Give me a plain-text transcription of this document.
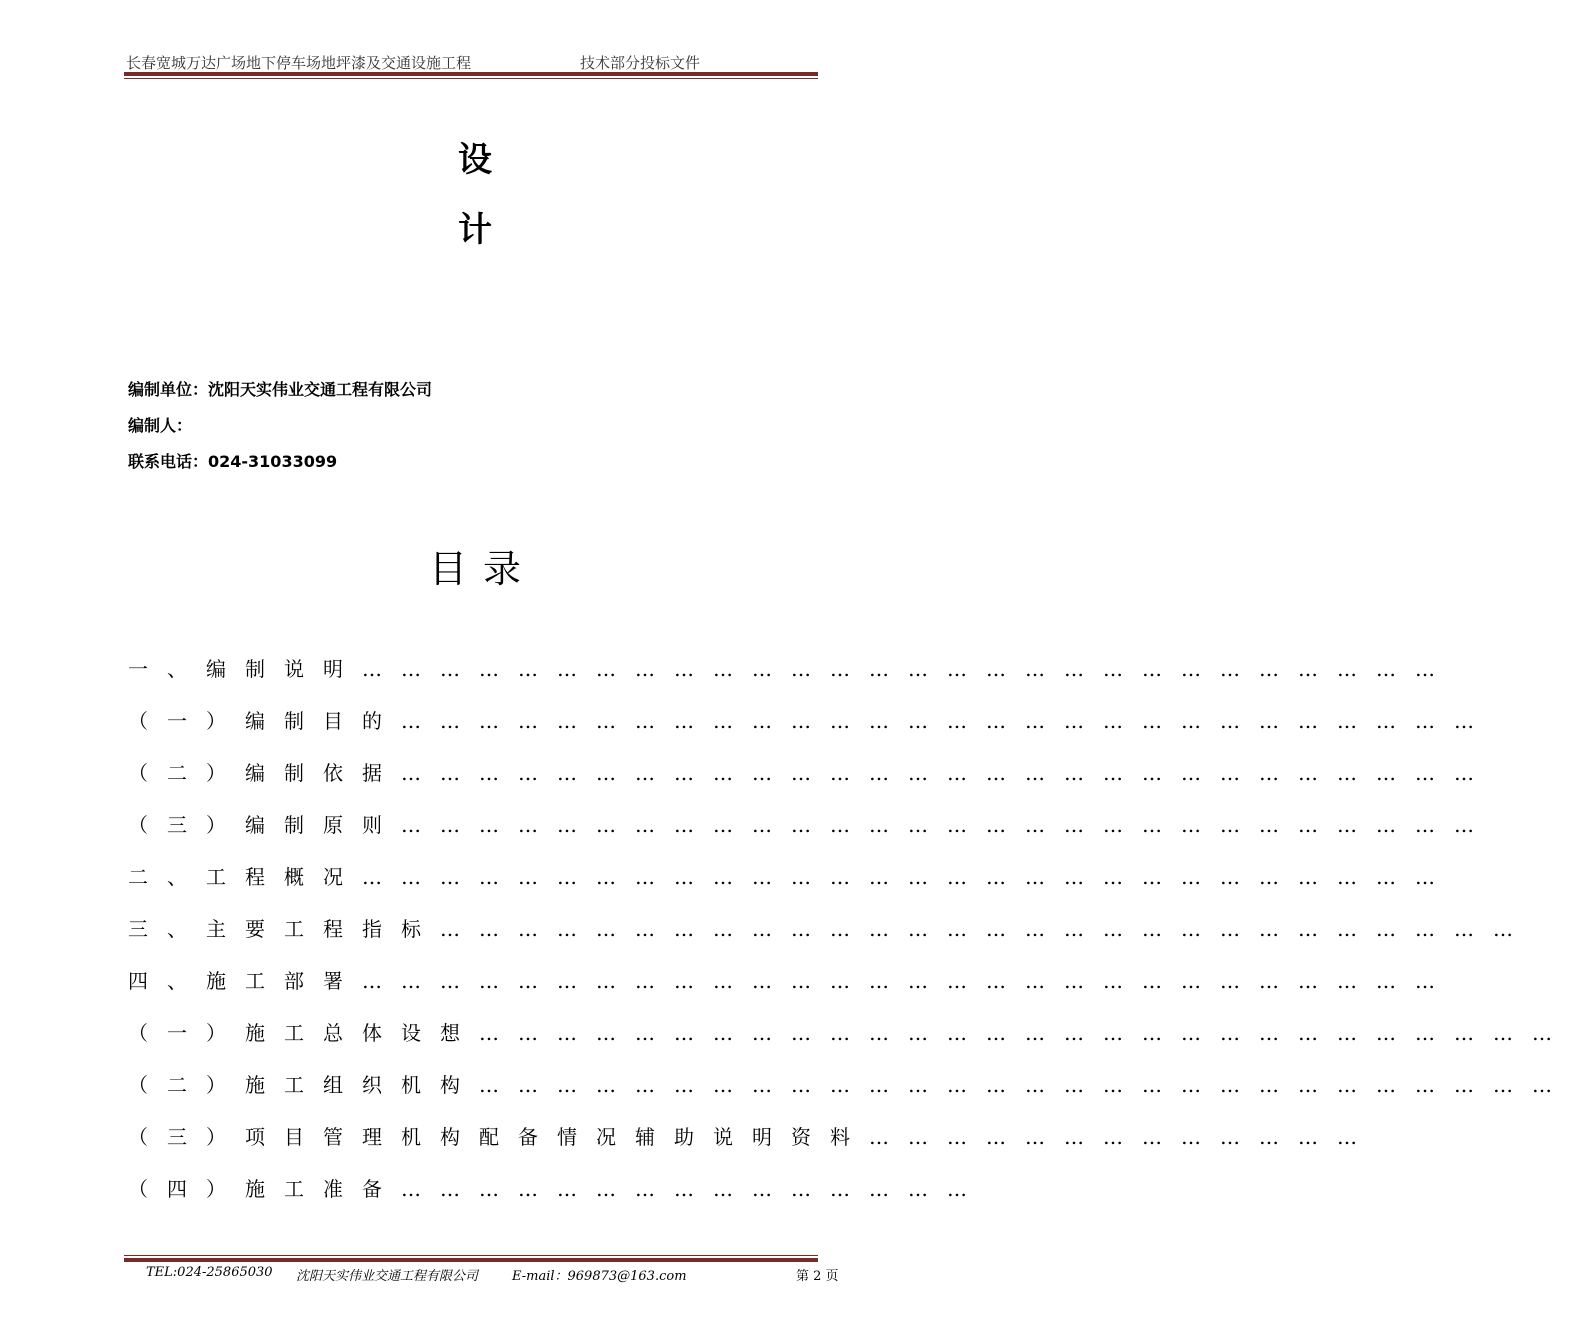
长春宽城万达广场地下停车场地坪漆及交通设施工程	技术部分投标文件
设
计
编制单位：沈阳天实伟业交通工程有限公司
编制人：
联系电话：024-31033099
目录
一、编制说明…………………………………………………………………………
（一）编制目的…………………………………………………………………………
（二）编制依据…………………………………………………………………………
（三）编制原则…………………………………………………………………………
二、工程概况…………………………………………………………………………
三、主要工程指标…………………………………………………………………………
四、施工部署…………………………………………………………………………
（一）施工总体设想…………………………………………………………………………
（二）施工组织机构…………………………………………………………………………
（三）项目管理机构配备情况辅助说明资料…………………………………
（四）施工准备………………………………………
TEL:024-25865030 沈阳天实伟业交通工程有限公司	E-mail：969873@163.com	第 2 页
